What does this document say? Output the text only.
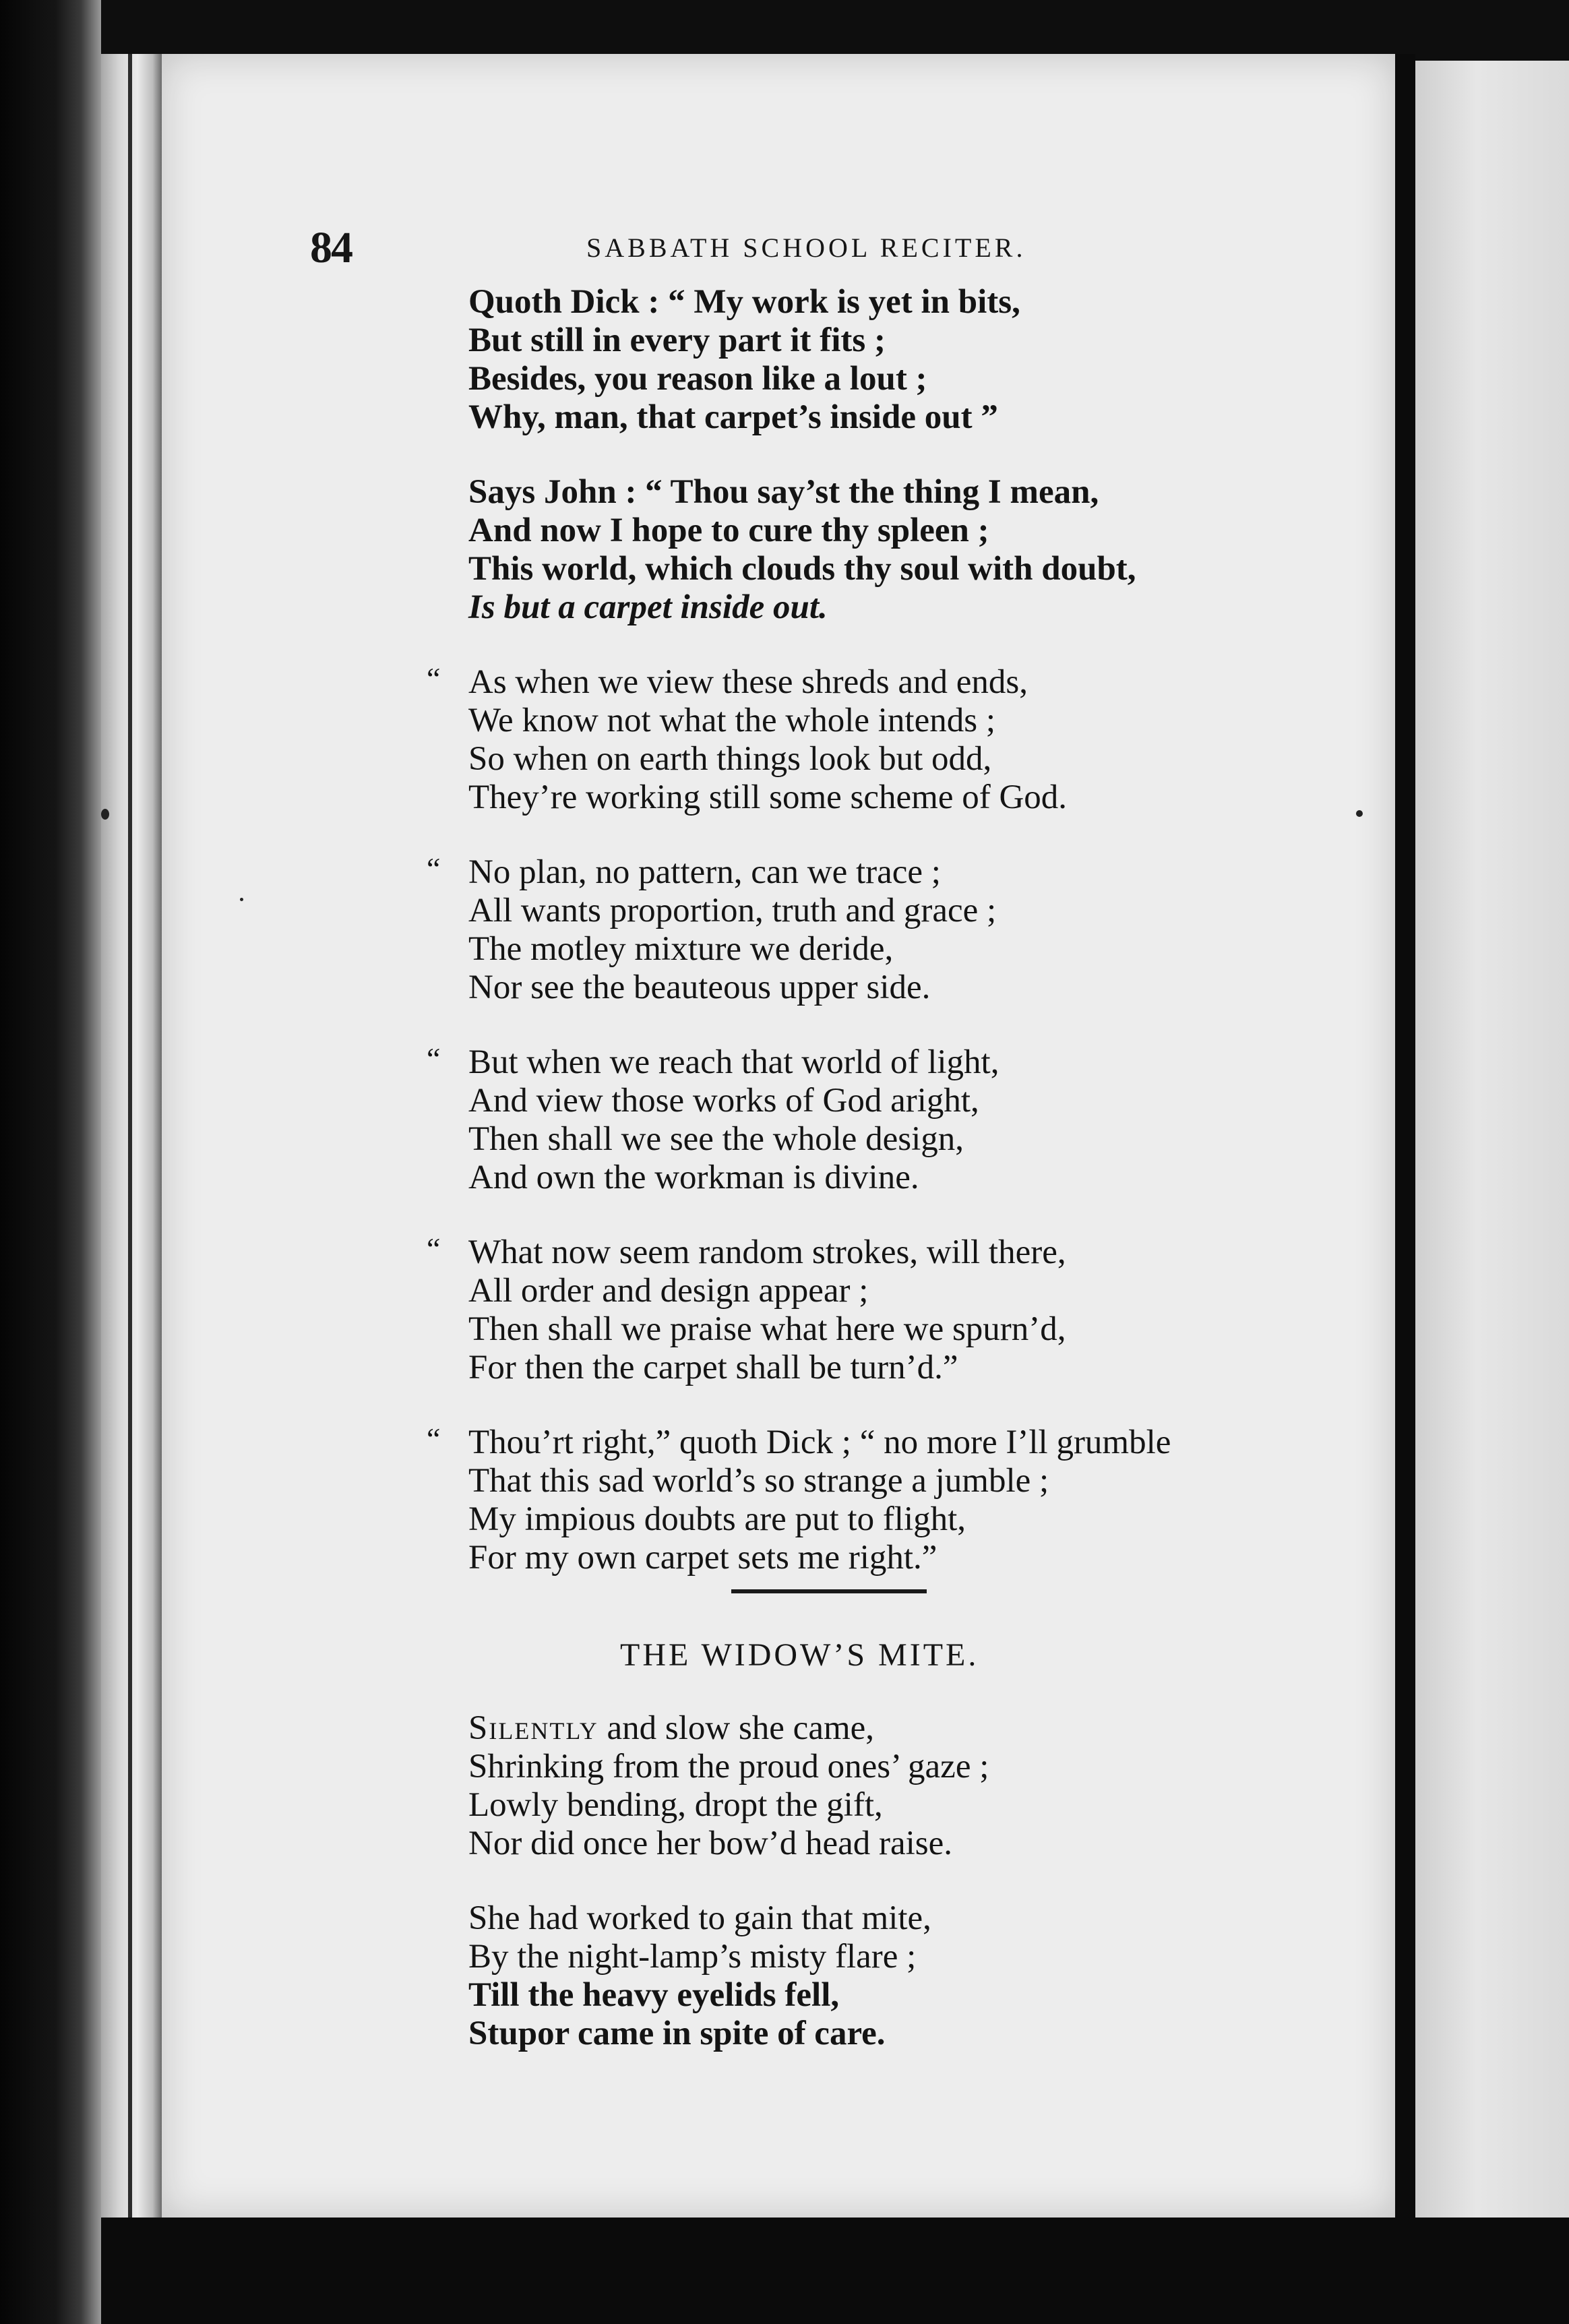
84	SABBATH SCHOOL RECITER.
Quoth Dick : “ My work is yet in bits,
But still in every part it fits ;
Besides, you reason like a lout ;
Why, man, that carpet’s inside out ”
Says John : “ Thou say’st the thing I mean,
And now I hope to cure thy spleen ;
This world, which clouds thy soul with doubt,
Is but a carpet inside out.
“ As when we view these shreds and ends,
We know not what the whole intends ;
So when on earth things look but odd,
They’re working still some scheme of God.
“ No plan, no pattern, can we trace ;
All wants proportion, truth and grace ;
The motley mixture we deride,
Nor see the beauteous upper side.
“ But when we reach that world of light,
And view those works of God aright,
Then shall we see the whole design,
And own the workman is divine.
“ What now seem random strokes, will there,
All order and design appear ;
Then shall we praise what here we spurn’d,
For then the carpet shall be turn’d.”
“ Thou’rt right,” quoth Dick ; “ no more I’ll grumble
That this sad world’s so strange a jumble ;
My impious doubts are put to flight,
For my own carpet sets me right.”
THE WIDOW’S MITE.
Silently and slow she came,
Shrinking from the proud ones’ gaze ;
Lowly bending, dropt the gift,
Nor did once her bow’d head raise.
She had worked to gain that mite,
By the night-lamp’s misty flare ;
Till the heavy eyelids fell,
Stupor came in spite of care.
